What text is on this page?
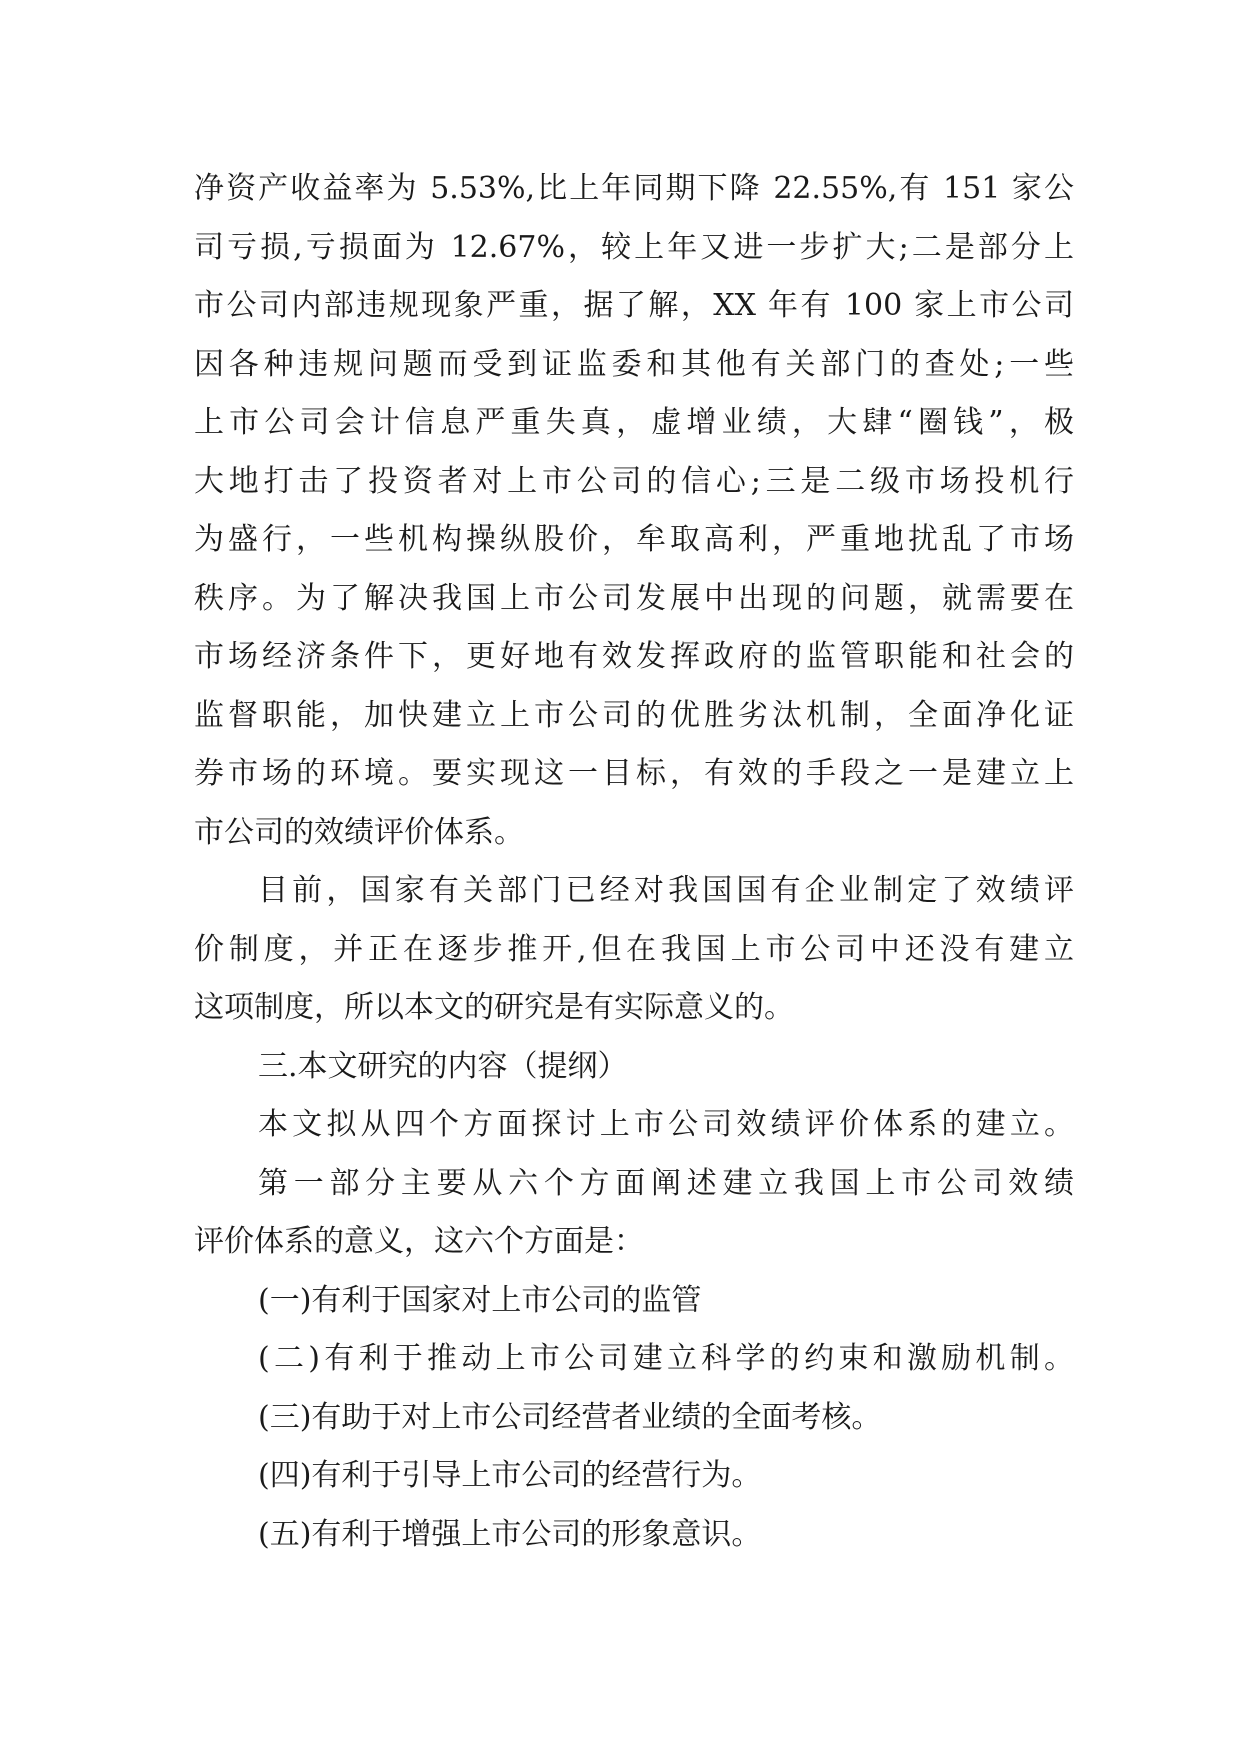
净资产收益率为 5.53%,比上年同期下降 22.55%,有 151 家公
司亏损,亏损面为 12.67%，较上年又进一步扩大;二是部分上
市公司内部违规现象严重，据了解，XX 年有 100 家上市公司
因各种违规问题而受到证监委和其他有关部门的查处;一些
上市公司会计信息严重失真，虚增业绩，大肆“圈钱”，极
大地打击了投资者对上市公司的信心;三是二级市场投机行
为盛行，一些机构操纵股价，牟取高利，严重地扰乱了市场
秩序。为了解决我国上市公司发展中出现的问题，就需要在
市场经济条件下，更好地有效发挥政府的监管职能和社会的
监督职能，加快建立上市公司的优胜劣汰机制，全面净化证
券市场的环境。要实现这一目标，有效的手段之一是建立上
市公司的效绩评价体系。
目前，国家有关部门已经对我国国有企业制定了效绩评
价制度，并正在逐步推开,但在我国上市公司中还没有建立
这项制度，所以本文的研究是有实际意义的。
三.本文研究的内容（提纲）
本文拟从四个方面探讨上市公司效绩评价体系的建立。
第一部分主要从六个方面阐述建立我国上市公司效绩
评价体系的意义，这六个方面是：
(一)有利于国家对上市公司的监管
(二)有利于推动上市公司建立科学的约束和激励机制。
(三)有助于对上市公司经营者业绩的全面考核。
(四)有利于引导上市公司的经营行为。
(五)有利于增强上市公司的形象意识。
